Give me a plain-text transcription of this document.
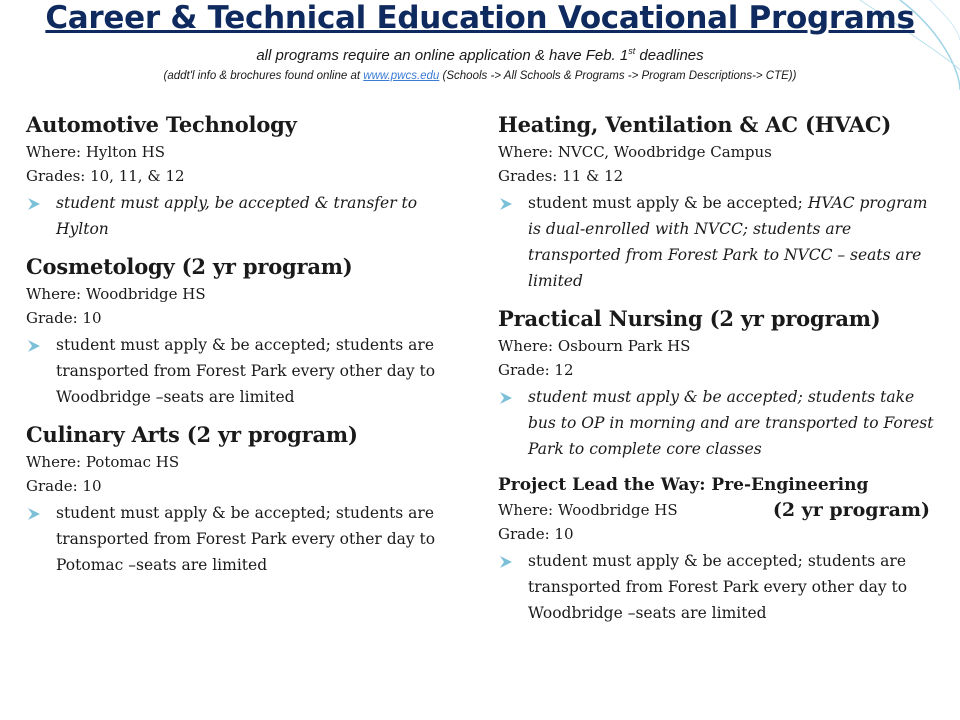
Career & Technical Education Vocational Programs
all programs require an online application & have Feb. 1st deadlines
(addt'l info & brochures found online at www.pwcs.edu (Schools -> All Schools & Programs -> Program Descriptions-> CTE))
Automotive Technology
Where: Hylton HS
Grades: 10, 11, & 12
student must apply, be accepted & transfer to Hylton
Cosmetology (2 yr program)
Where: Woodbridge HS
Grade: 10
student must apply & be accepted; students are transported from Forest Park every other day to Woodbridge –seats are limited
Culinary Arts (2 yr program)
Where: Potomac HS
Grade: 10
student must apply & be accepted; students are transported from Forest Park every other day to Potomac –seats are limited
Heating, Ventilation & AC (HVAC)
Where: NVCC, Woodbridge Campus
Grades: 11 & 12
student must apply & be accepted; HVAC program is dual-enrolled with NVCC; students are transported from Forest Park to NVCC – seats are limited
Practical Nursing (2 yr program)
Where: Osbourn Park HS
Grade: 12
student must apply & be accepted; students take bus to OP in morning and are transported to Forest Park to complete core classes
Project Lead the Way: Pre-Engineering
Where: Woodbridge HS	(2 yr program)
Grade: 10
student must apply & be accepted; students are transported from Forest Park every other day to Woodbridge –seats are limited
